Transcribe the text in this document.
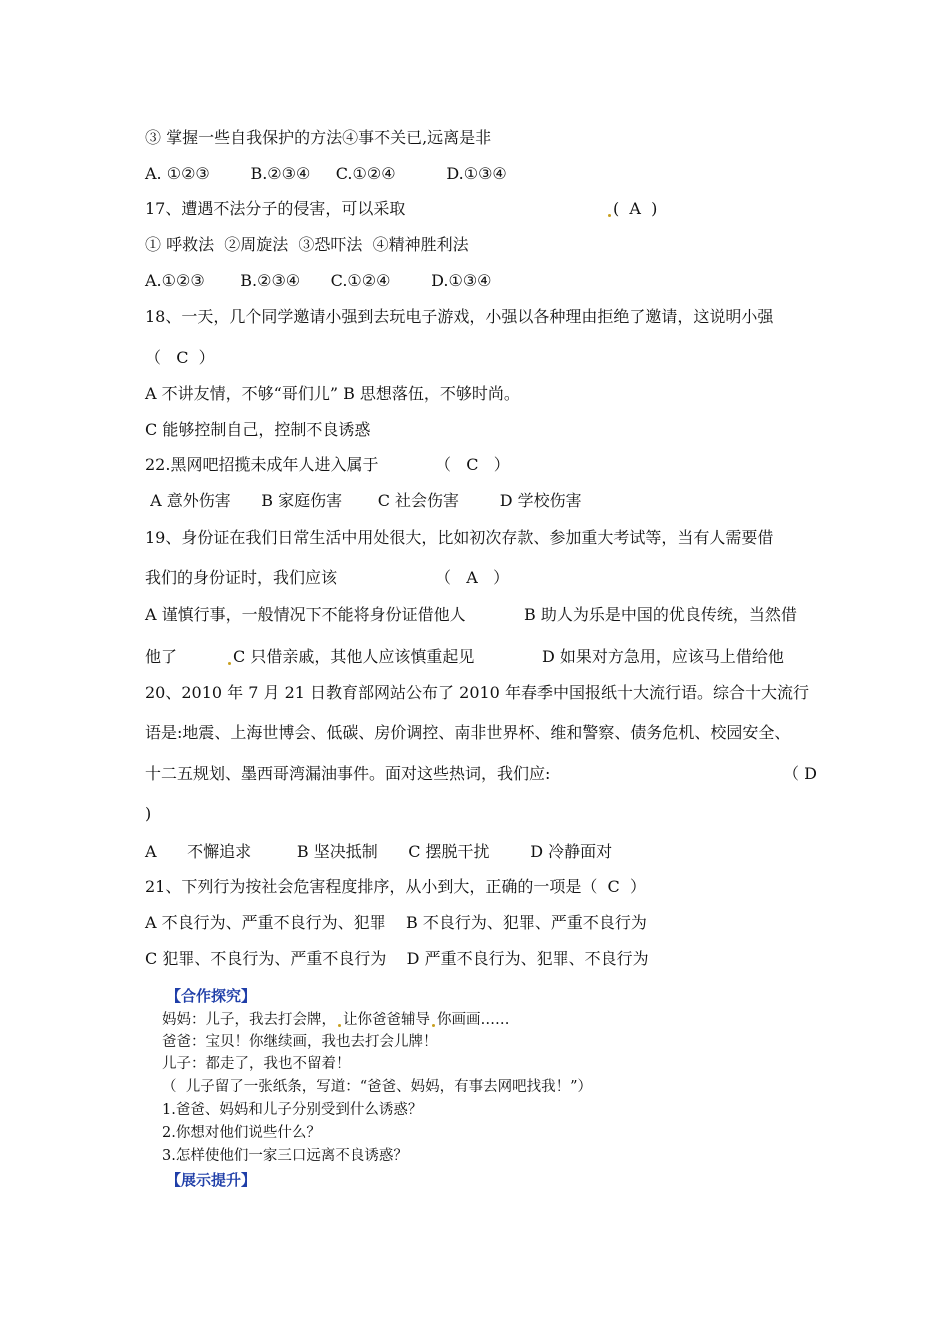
③ 掌握一些自我保护的方法④事不关已,远离是非
A. ①②③        B.②③④     C.①②④          D.①③④
17、遭遇不法分子的侵害，可以采取	(  A  )
① 呼救法  ②周旋法  ③恐吓法  ④精神胜利法
A.①②③       B.②③④      C.①②④        D.①③④
18、一天，几个同学邀请小强到去玩电子游戏，小强以各种理由拒绝了邀请，这说明小强
（   C  ）
A 不讲友情，不够“哥们儿” B 思想落伍，不够时尚。
C 能够控制自己，控制不良诱惑
22.黑网吧招揽未成年人进入属于	（   C   ）
A 意外伤害      B 家庭伤害       C 社会伤害        D 学校伤害
19、身份证在我们日常生活中用处很大，比如初次存款、参加重大考试等，当有人需要借
我们的身份证时，我们应该	（   A   ）
A 谨慎行事，一般情况下不能将身份证借他人	B 助人为乐是中国的优良传统，当然借
他了	C 只借亲戚，其他人应该慎重起见	D 如果对方急用，应该马上借给他
20、2010 年 7 月 21 日教育部网站公布了 2010 年春季中国报纸十大流行语。综合十大流行
语是:地震、上海世博会、低碳、房价调控、南非世界杯、维和警察、债务危机、校园安全、
十二五规划、墨西哥湾漏油事件。面对这些热词，我们应:	（ D
)
A      不懈追求         B 坚决抵制      C 摆脱干扰        D 冷静面对
21、下列行为按社会危害程度排序，从小到大，正确的一项是（  C  ）
A 不良行为、严重不良行为、犯罪    B 不良行为、犯罪、严重不良行为
C 犯罪、不良行为、严重不良行为    D 严重不良行为、犯罪、不良行为
【合作探究】
妈妈：儿子，我去打会牌， 让你爸爸辅导 你画画……
爸爸：宝贝！你继续画，我也去打会儿牌！
儿子：都走了，我也不留着！
（  儿子留了一张纸条，写道：“爸爸、妈妈，有事去网吧找我！”）
1.爸爸、妈妈和儿子分别受到什么诱惑？
2.你想对他们说些什么？
3.怎样使他们一家三口远离不良诱惑？
【展示提升】
